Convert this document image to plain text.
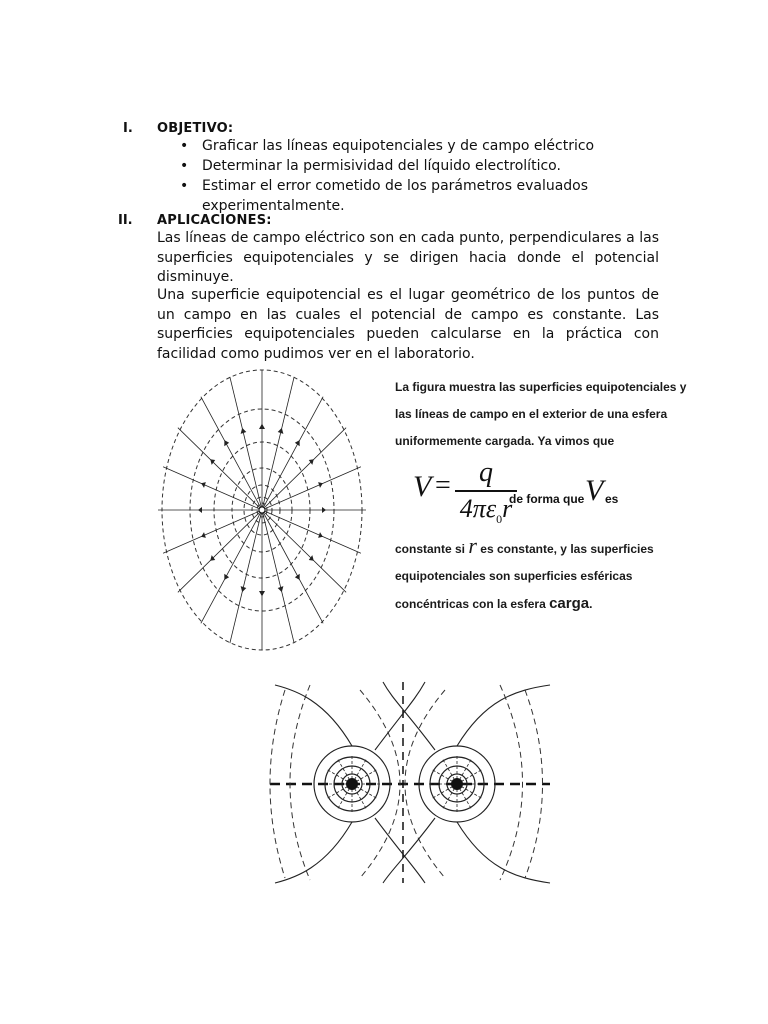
I. OBJETIVO:
• Graficar las líneas equipotenciales y de campo eléctrico
• Determinar la permisividad del líquido electrolítico.
• Estimar el error cometido de los parámetros evaluados experimentalmente.
II. APLICACIONES:
Las líneas de campo eléctrico son en cada punto, perpendiculares a las superficies equipotenciales y se dirigen hacia donde el potencial disminuye.
Una superficie equipotencial es el lugar geométrico de los puntos de un campo en las cuales el potencial de campo es constante. Las superficies equipotenciales pueden calcularse en la práctica con facilidad como pudimos ver en el laboratorio.
La figura muestra las superficies equipotenciales y
las líneas de campo en el exterior de una esfera
uniformemente cargada. Ya vimos que
V =	q
$4\pi\varepsilon_0r$
de forma que V es
constante si r es constante, y las superficies
equipotenciales son superficies esféricas
concéntricas con la esfera carga.
